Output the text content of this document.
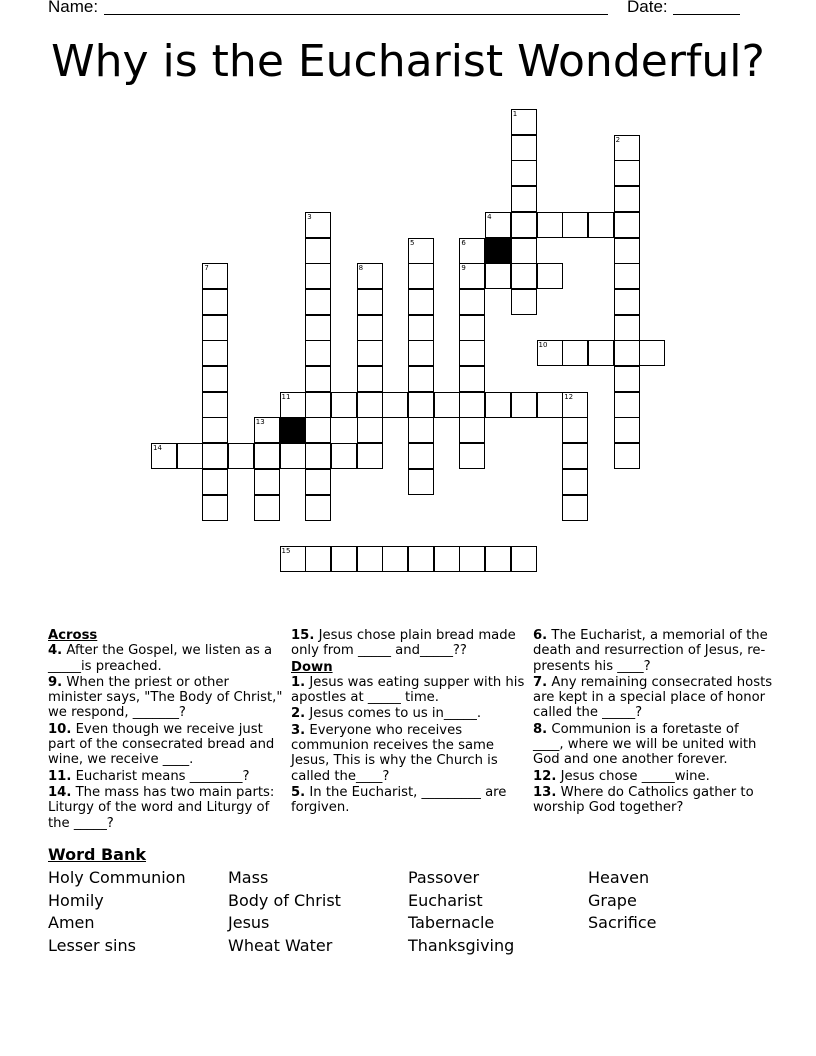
Name:	Date:
Why is the Eucharist Wonderful?
1
2
3	4
5	6
9
7	8
10
11	12
13
14
15
Across
4. After the Gospel, we listen as a _____is preached.
9. When the priest or other minister says, "The Body of Christ," we respond, _______?
10. Even though we receive just part of the consecrated bread and wine, we receive ____.
11. Eucharist means ________?
14. The mass has two main parts: Liturgy of the word and Liturgy of the _____?
15. Jesus chose plain bread made only from _____ and_____??
Down
1. Jesus was eating supper with his apostles at _____ time.
2. Jesus comes to us in_____.
3. Everyone who receives communion receives the same Jesus, This is why the Church is called the____?
5. In the Eucharist, _________ are forgiven.
6. The Eucharist, a memorial of the death and resurrection of Jesus, re-presents his ____?
7. Any remaining consecrated hosts are kept in a special place of honor called the _____?
8. Communion is a foretaste of ____, where we will be united with God and one another forever.
12. Jesus chose _____wine.
13. Where do Catholics gather to worship God together?
Word Bank
Holy Communion	Mass	Passover	Heaven
Homily	Body of Christ	Eucharist	Grape
Amen	Jesus	Tabernacle	Sacrifice
Lesser sins	Wheat Water	Thanksgiving
